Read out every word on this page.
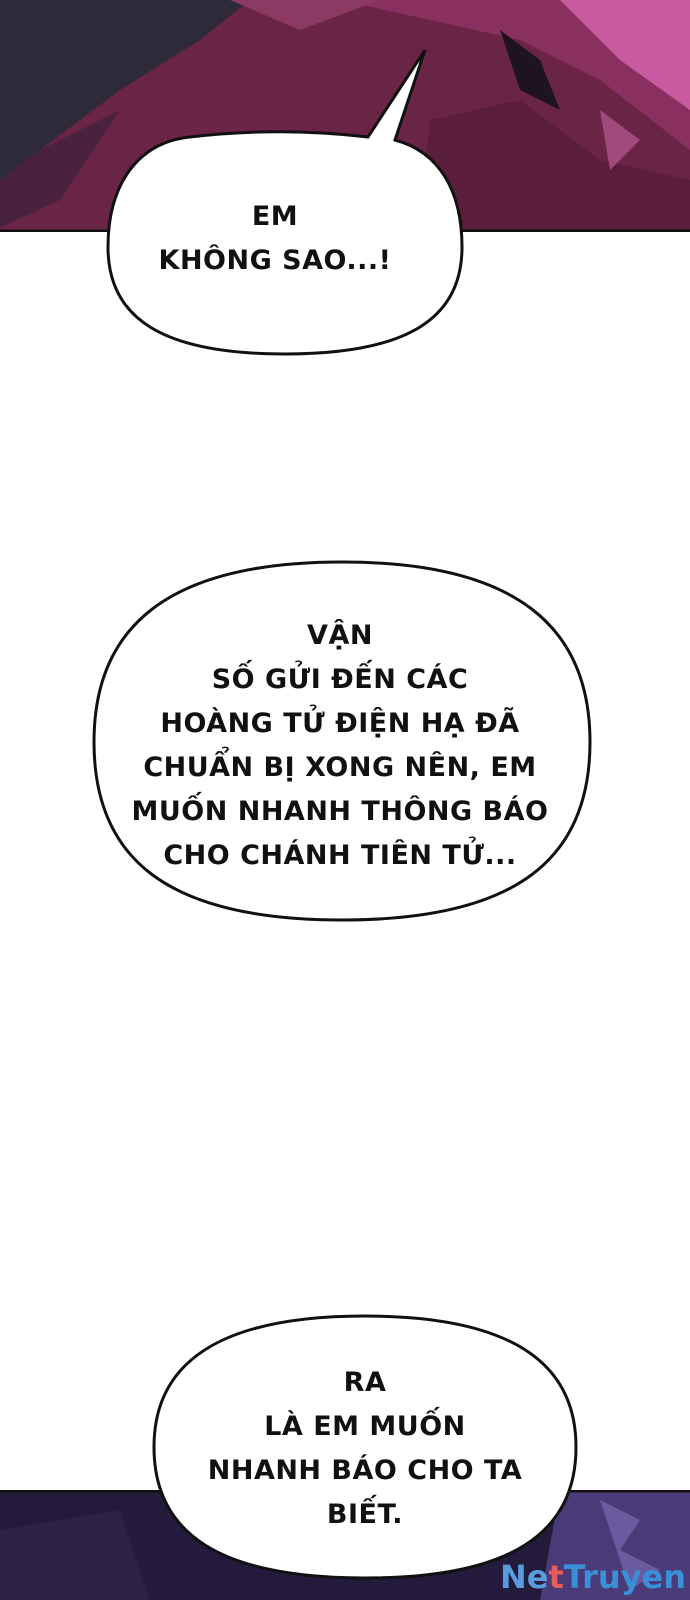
EM
KHÔNG SAO...!
VẬN
SỐ GỬI ĐẾN CÁC
HOÀNG TỬ ĐIỆN HẠ ĐÃ
CHUẨN BỊ XONG NÊN, EM
MUỐN NHANH THÔNG BÁO
CHO CHÁNH TIÊN TỬ...
RA
LÀ EM MUỐN
NHANH BÁO CHO TA
BIẾT.
NetTruyen
